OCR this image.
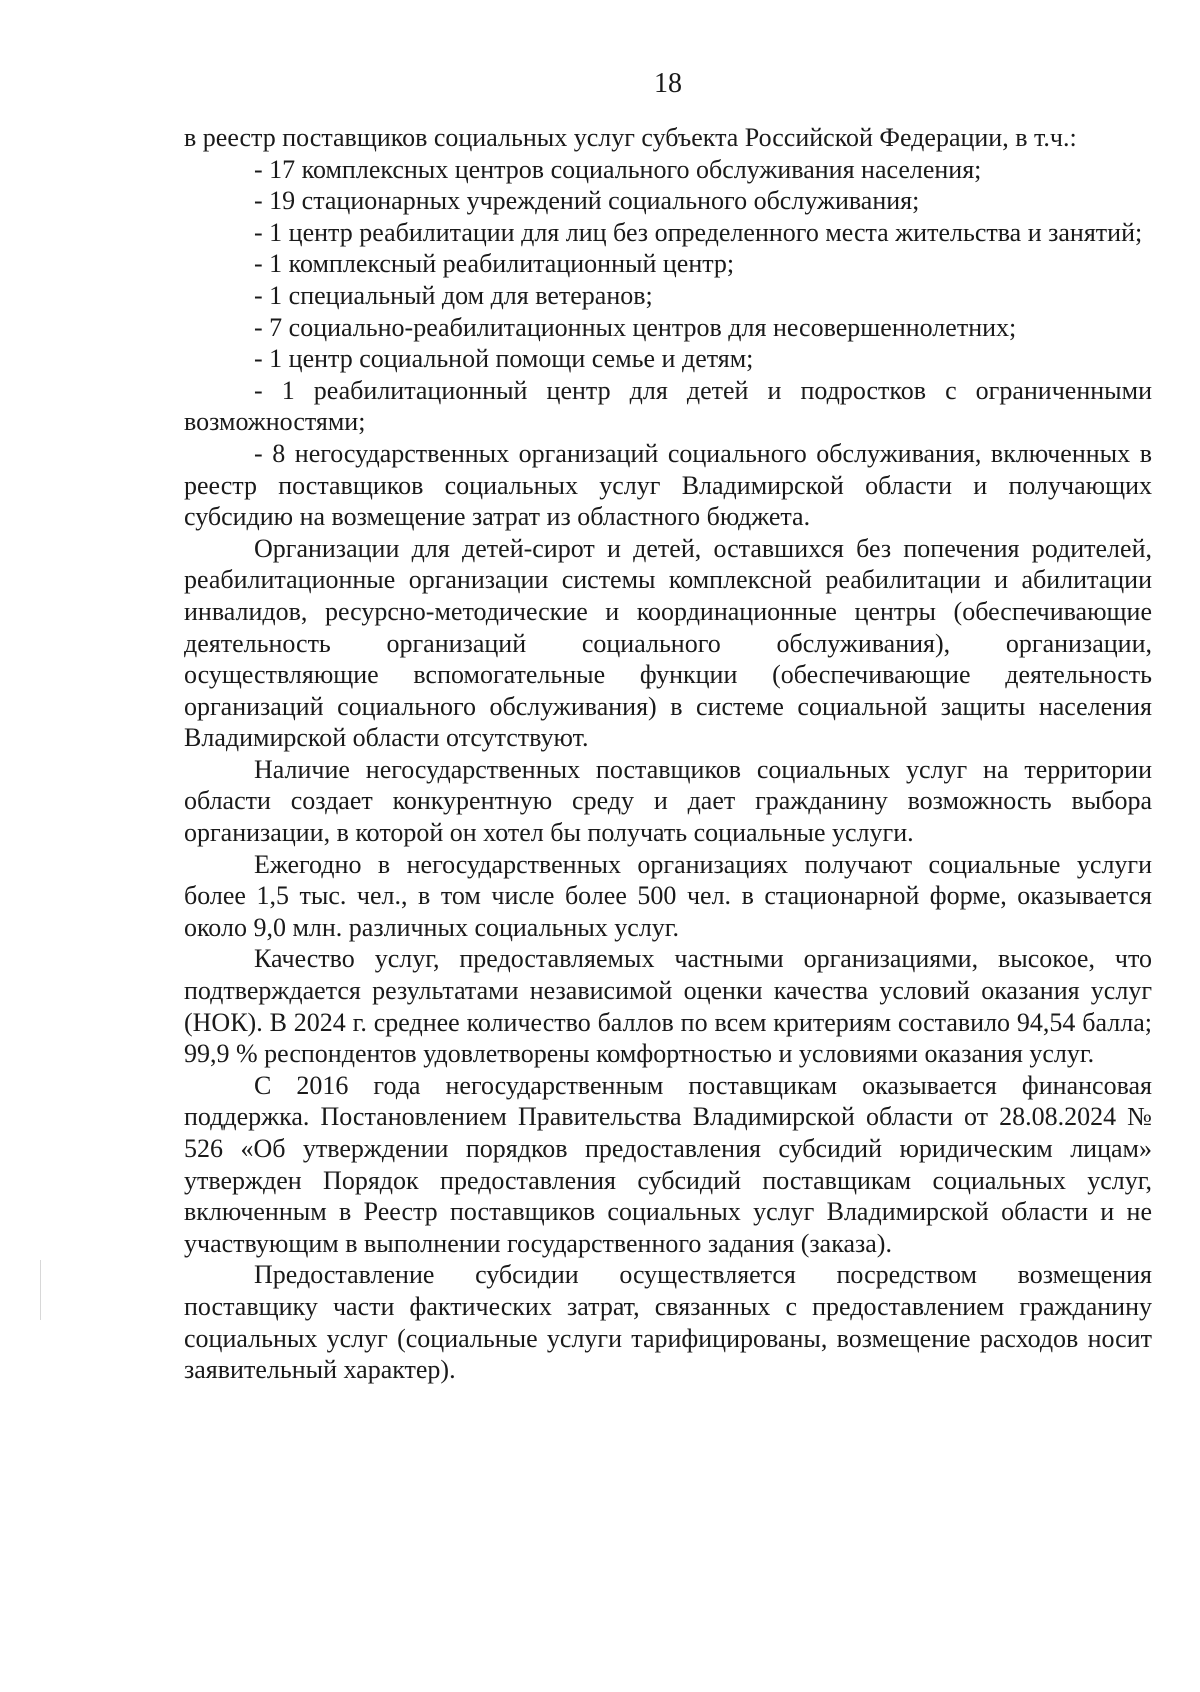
18

в реестр поставщиков социальных услуг субъекта Российской Федерации, в т.ч.:

- 17 комплексных центров социального обслуживания населения;

- 19 стационарных учреждений социального обслуживания;

- 1 центр реабилитации для лиц без определенного места жительства и занятий;

- 1 комплексный реабилитационный центр;

- 1 специальный дом для ветеранов;

- 7 социально-реабилитационных центров для несовершеннолетних;

- 1 центр социальной помощи семье и детям;

- 1 реабилитационный центр для детей и подростков с ограниченными возможностями;

- 8 негосударственных организаций социального обслуживания, включенных в реестр поставщиков социальных услуг Владимирской области и получающих субсидию на возмещение затрат из областного бюджета.

Организации для детей-сирот и детей, оставшихся без попечения родителей, реабилитационные организации системы комплексной реабилитации и абилитации инвалидов, ресурсно-методические и координационные центры (обеспечивающие деятельность организаций социального обслуживания), организации, осуществляющие вспомогательные функции (обеспечивающие деятельность организаций социального обслуживания) в системе социальной защиты населения Владимирской области отсутствуют.

Наличие негосударственных поставщиков социальных услуг на территории области создает конкурентную среду и дает гражданину возможность выбора организации, в которой он хотел бы получать социальные услуги.

Ежегодно в негосударственных организациях получают социальные услуги более 1,5 тыс. чел., в том числе более 500 чел. в стационарной форме, оказывается около 9,0 млн. различных социальных услуг.

Качество услуг, предоставляемых частными организациями, высокое, что подтверждается результатами независимой оценки качества условий оказания услуг (НОК). В 2024 г. среднее количество баллов по всем критериям составило 94,54 балла; 99,9 % респондентов удовлетворены комфортностью и условиями оказания услуг.

С 2016 года негосударственным поставщикам оказывается финансовая поддержка. Постановлением Правительства Владимирской области от 28.08.2024 № 526 «Об утверждении порядков предоставления субсидий юридическим лицам» утвержден Порядок предоставления субсидий поставщикам социальных услуг, включенным в Реестр поставщиков социальных услуг Владимирской области и не участвующим в выполнении государственного задания (заказа).

Предоставление субсидии осуществляется посредством возмещения поставщику части фактических затрат, связанных с предоставлением гражданину социальных услуг (социальные услуги тарифицированы, возмещение расходов носит заявительный характер).
